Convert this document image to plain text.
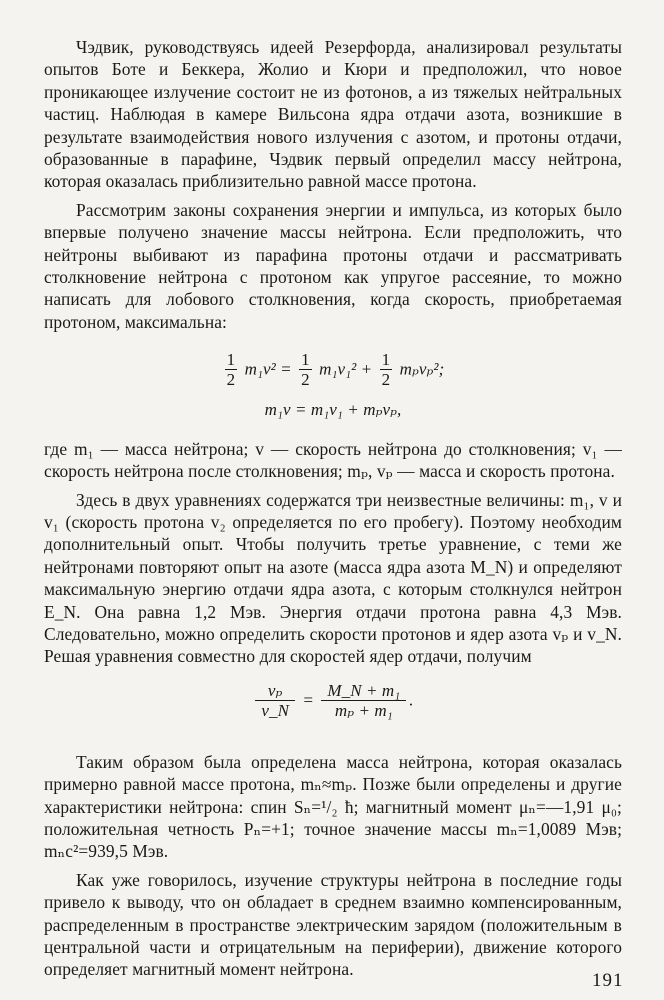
Чэдвик, руководствуясь идеей Резерфорда, анализировал результаты опытов Боте и Беккера, Жолио и Кюри и предположил, что новое проникающее излучение состоит не из фотонов, а из тяжелых нейтральных частиц. Наблюдая в камере Вильсона ядра отдачи азота, возникшие в результате взаимодействия нового излучения с азотом, и протоны отдачи, образованные в парафине, Чэдвик первый определил массу нейтрона, которая оказалась приблизительно равной массе протона.

Рассмотрим законы сохранения энергии и импульса, из которых было впервые получено значение массы нейтрона. Если предположить, что нейтроны выбивают из парафина протоны отдачи и рассматривать столкновение нейтрона с протоном как упругое рассеяние, то можно написать для лобового столкновения, когда скорость, приобретаемая протоном, максимальна:

$\frac{1}{2} m_1v^2 = \frac{1}{2} m_1v_1^2 + \frac{1}{2} m_pv_p^2$;
m₁v = m₁v₁ + mₚvₚ,

где m₁ — масса нейтрона; v — скорость нейтрона до столкновения; v₁ — скорость нейтрона после столкновения; mₚ, vₚ — масса и скорость протона.

Здесь в двух уравнениях содержатся три неизвестные величины: m₁, v и v₁ (скорость протона v₂ определяется по его пробегу). Поэтому необходим дополнительный опыт. Чтобы получить третье уравнение, с теми же нейтронами повторяют опыт на азоте (масса ядра азота M_N) и определяют максимальную энергию отдачи ядра азота, с которым столкнулся нейтрон E_N. Она равна 1,2 Мэв. Энергия отдачи протона равна 4,3 Мэв. Следовательно, можно определить скорости протонов и ядер азота vₚ и v_N. Решая уравнения совместно для скоростей ядер отдачи, получим

$\frac{\text{vₚ}}{v\_N} = \frac{\text{M\_N + m₁}}{\text{mₚ + m₁}}$ .

Таким образом была определена масса нейтрона, которая оказалась примерно равной массе протона, mₙ≈mₚ. Позже были определены и другие характеристики нейтрона: спин Sₙ=¹/₂ ħ; магнитный момент μₙ=—1,91 μ₀; положительная четность Pₙ=+1; точное значение массы mₙ=1,0089 Мэв; mₙc²=939,5 Мэв.

Как уже говорилось, изучение структуры нейтрона в последние годы привело к выводу, что он обладает в среднем взаимно компенсированным, распределенным в пространстве электрическим зарядом (положительным в центральной части и отрицательным на периферии), движение которого определяет магнитный момент нейтрона.

191
